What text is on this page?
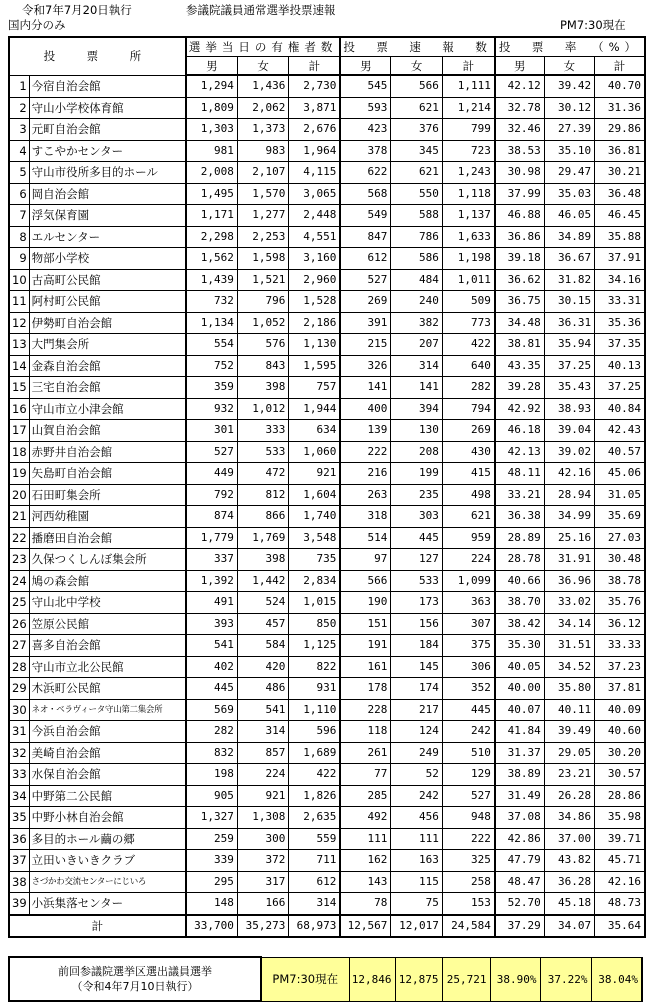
令和7年7月20日執行	参議院議員通常選挙投票速報
国内分のみ	PM7:30現在
投　票　所		選挙当日の有権者数			投　票　速　報　数			投　票　率　（%）		
		男	女	計	男	女	計	男	女	計
1	今宿自治会館	1,294	1,436	2,730	545	566	1,111	42.12	39.42	40.70
2	守山小学校体育館	1,809	2,062	3,871	593	621	1,214	32.78	30.12	31.36
3	元町自治会館	1,303	1,373	2,676	423	376	799	32.46	27.39	29.86
4	すこやかセンター	981	983	1,964	378	345	723	38.53	35.10	36.81
5	守山市役所多目的ホール	2,008	2,107	4,115	622	621	1,243	30.98	29.47	30.21
6	岡自治会館	1,495	1,570	3,065	568	550	1,118	37.99	35.03	36.48
7	浮気保育園	1,171	1,277	2,448	549	588	1,137	46.88	46.05	46.45
8	エルセンター	2,298	2,253	4,551	847	786	1,633	36.86	34.89	35.88
9	物部小学校	1,562	1,598	3,160	612	586	1,198	39.18	36.67	37.91
10	古高町公民館	1,439	1,521	2,960	527	484	1,011	36.62	31.82	34.16
11	阿村町公民館	732	796	1,528	269	240	509	36.75	30.15	33.31
12	伊勢町自治会館	1,134	1,052	2,186	391	382	773	34.48	36.31	35.36
13	大門集会所	554	576	1,130	215	207	422	38.81	35.94	37.35
14	金森自治会館	752	843	1,595	326	314	640	43.35	37.25	40.13
15	三宅自治会館	359	398	757	141	141	282	39.28	35.43	37.25
16	守山市立小津会館	932	1,012	1,944	400	394	794	42.92	38.93	40.84
17	山賀自治会館	301	333	634	139	130	269	46.18	39.04	42.43
18	赤野井自治会館	527	533	1,060	222	208	430	42.13	39.02	40.57
19	矢島町自治会館	449	472	921	216	199	415	48.11	42.16	45.06
20	石田町集会所	792	812	1,604	263	235	498	33.21	28.94	31.05
21	河西幼稚園	874	866	1,740	318	303	621	36.38	34.99	35.69
22	播磨田自治会館	1,779	1,769	3,548	514	445	959	28.89	25.16	27.03
23	久保つくしんぼ集会所	337	398	735	97	127	224	28.78	31.91	30.48
24	鳩の森会館	1,392	1,442	2,834	566	533	1,099	40.66	36.96	38.78
25	守山北中学校	491	524	1,015	190	173	363	38.70	33.02	35.76
26	笠原公民館	393	457	850	151	156	307	38.42	34.14	36.12
27	喜多自治会館	541	584	1,125	191	184	375	35.30	31.51	33.33
28	守山市立北公民館	402	420	822	161	145	306	40.05	34.52	37.23
29	木浜町公民館	445	486	931	178	174	352	40.00	35.80	37.81
30	ネオ・ベラヴィータ守山第二集会所	569	541	1,110	228	217	445	40.07	40.11	40.09
31	今浜自治会館	282	314	596	118	124	242	41.84	39.49	40.60
32	美崎自治会館	832	857	1,689	261	249	510	31.37	29.05	30.20
33	水保自治会館	198	224	422	77	52	129	38.89	23.21	30.57
34	中野第二公民館	905	921	1,826	285	242	527	31.49	26.28	28.86
35	中野小林自治会館	1,327	1,308	2,635	492	456	948	37.08	34.86	35.98
36	多目的ホール繭の郷	259	300	559	111	111	222	42.86	37.00	39.71
37	立田いきいきクラブ	339	372	711	162	163	325	47.79	43.82	45.71
38	さづかわ交流センターにじいろ	295	317	612	143	115	258	48.47	36.28	42.16
39	小浜集落センター	148	166	314	78	75	153	52.70	45.18	48.73
計		33,700	35,273	68,973	12,567	12,017	24,584	37.29	34.07	35.64
前回参議院選挙区選出議員選挙
（令和4年7月10日執行）
	PM7:30現在	12,846	12,875	25,721	38.90%	37.22%	38.04%
